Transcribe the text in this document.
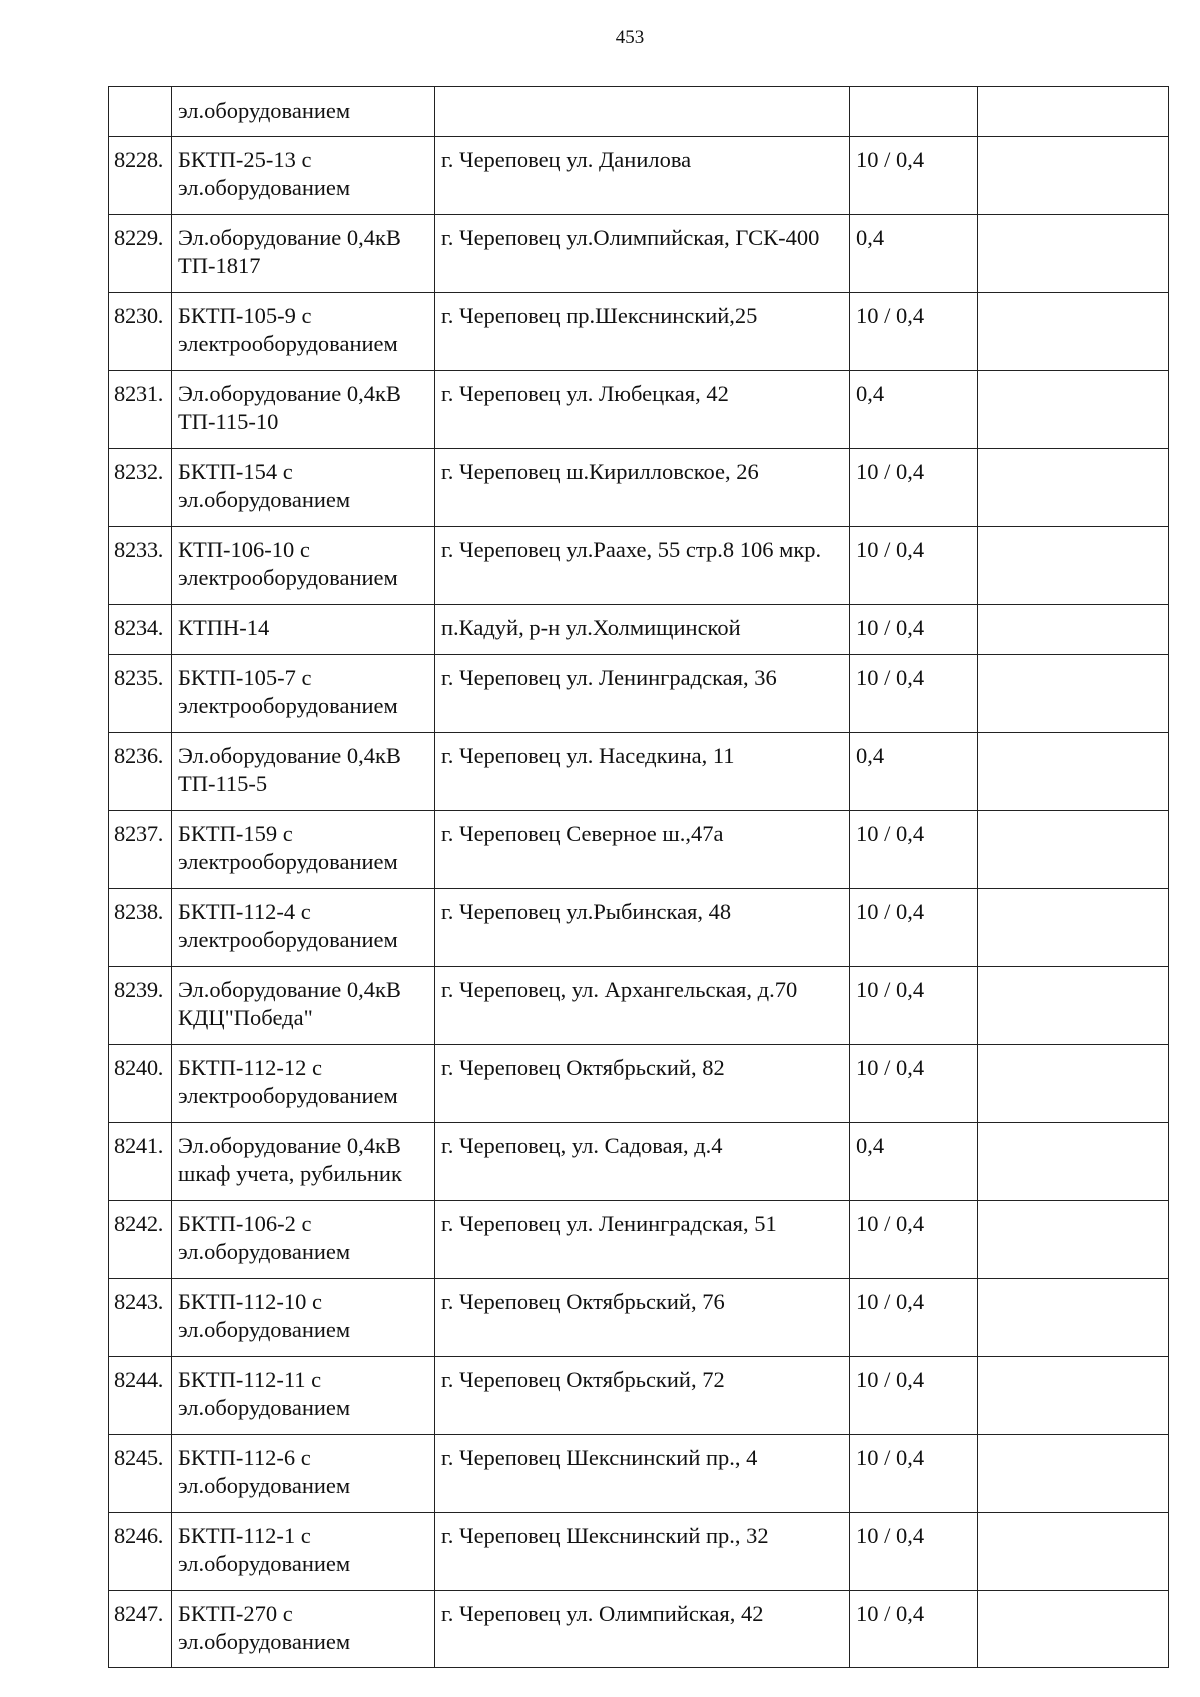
453
	эл.оборудованием			
8228.	БКТП-25-13 с эл.оборудованием	г. Череповец ул. Данилова	10 / 0,4	
8229.	Эл.оборудование 0,4кВ ТП-1817	г. Череповец ул.Олимпийская, ГСК-400	0,4	
8230.	БКТП-105-9 с электрооборудованием	г. Череповец пр.Шекснинский,25	10 / 0,4	
8231.	Эл.оборудование 0,4кВ ТП-115-10	г. Череповец ул. Любецкая, 42	0,4	
8232.	БКТП-154 с эл.оборудованием	г. Череповец ш.Кирилловское, 26	10 / 0,4	
8233.	КТП-106-10 с электрооборудованием	г. Череповец ул.Раахе, 55 стр.8 106 мкр.	10 / 0,4	
8234.	КТПН-14	п.Кадуй, р-н ул.Холмищинской	10 / 0,4	
8235.	БКТП-105-7 с электрооборудованием	г. Череповец ул. Ленинградская, 36	10 / 0,4	
8236.	Эл.оборудование 0,4кВ ТП-115-5	г. Череповец ул. Наседкина, 11	0,4	
8237.	БКТП-159 с электрооборудованием	г. Череповец Северное ш.,47а	10 / 0,4	
8238.	БКТП-112-4 с электрооборудованием	г. Череповец ул.Рыбинская, 48	10 / 0,4	
8239.	Эл.оборудование 0,4кВ КДЦ"Победа"	г. Череповец, ул. Архангельская, д.70	10 / 0,4	
8240.	БКТП-112-12 с электрооборудованием	г. Череповец Октябрьский, 82	10 / 0,4	
8241.	Эл.оборудование 0,4кВ шкаф учета, рубильник	г. Череповец, ул. Садовая, д.4	0,4	
8242.	БКТП-106-2 с эл.оборудованием	г. Череповец ул. Ленинградская, 51	10 / 0,4	
8243.	БКТП-112-10 с эл.оборудованием	г. Череповец Октябрьский, 76	10 / 0,4	
8244.	БКТП-112-11 с эл.оборудованием	г. Череповец Октябрьский, 72	10 / 0,4	
8245.	БКТП-112-6 с эл.оборудованием	г. Череповец Шекснинский пр., 4	10 / 0,4	
8246.	БКТП-112-1 с эл.оборудованием	г. Череповец Шекснинский пр., 32	10 / 0,4	
8247.	БКТП-270 с эл.оборудованием	г. Череповец ул. Олимпийская, 42	10 / 0,4	
